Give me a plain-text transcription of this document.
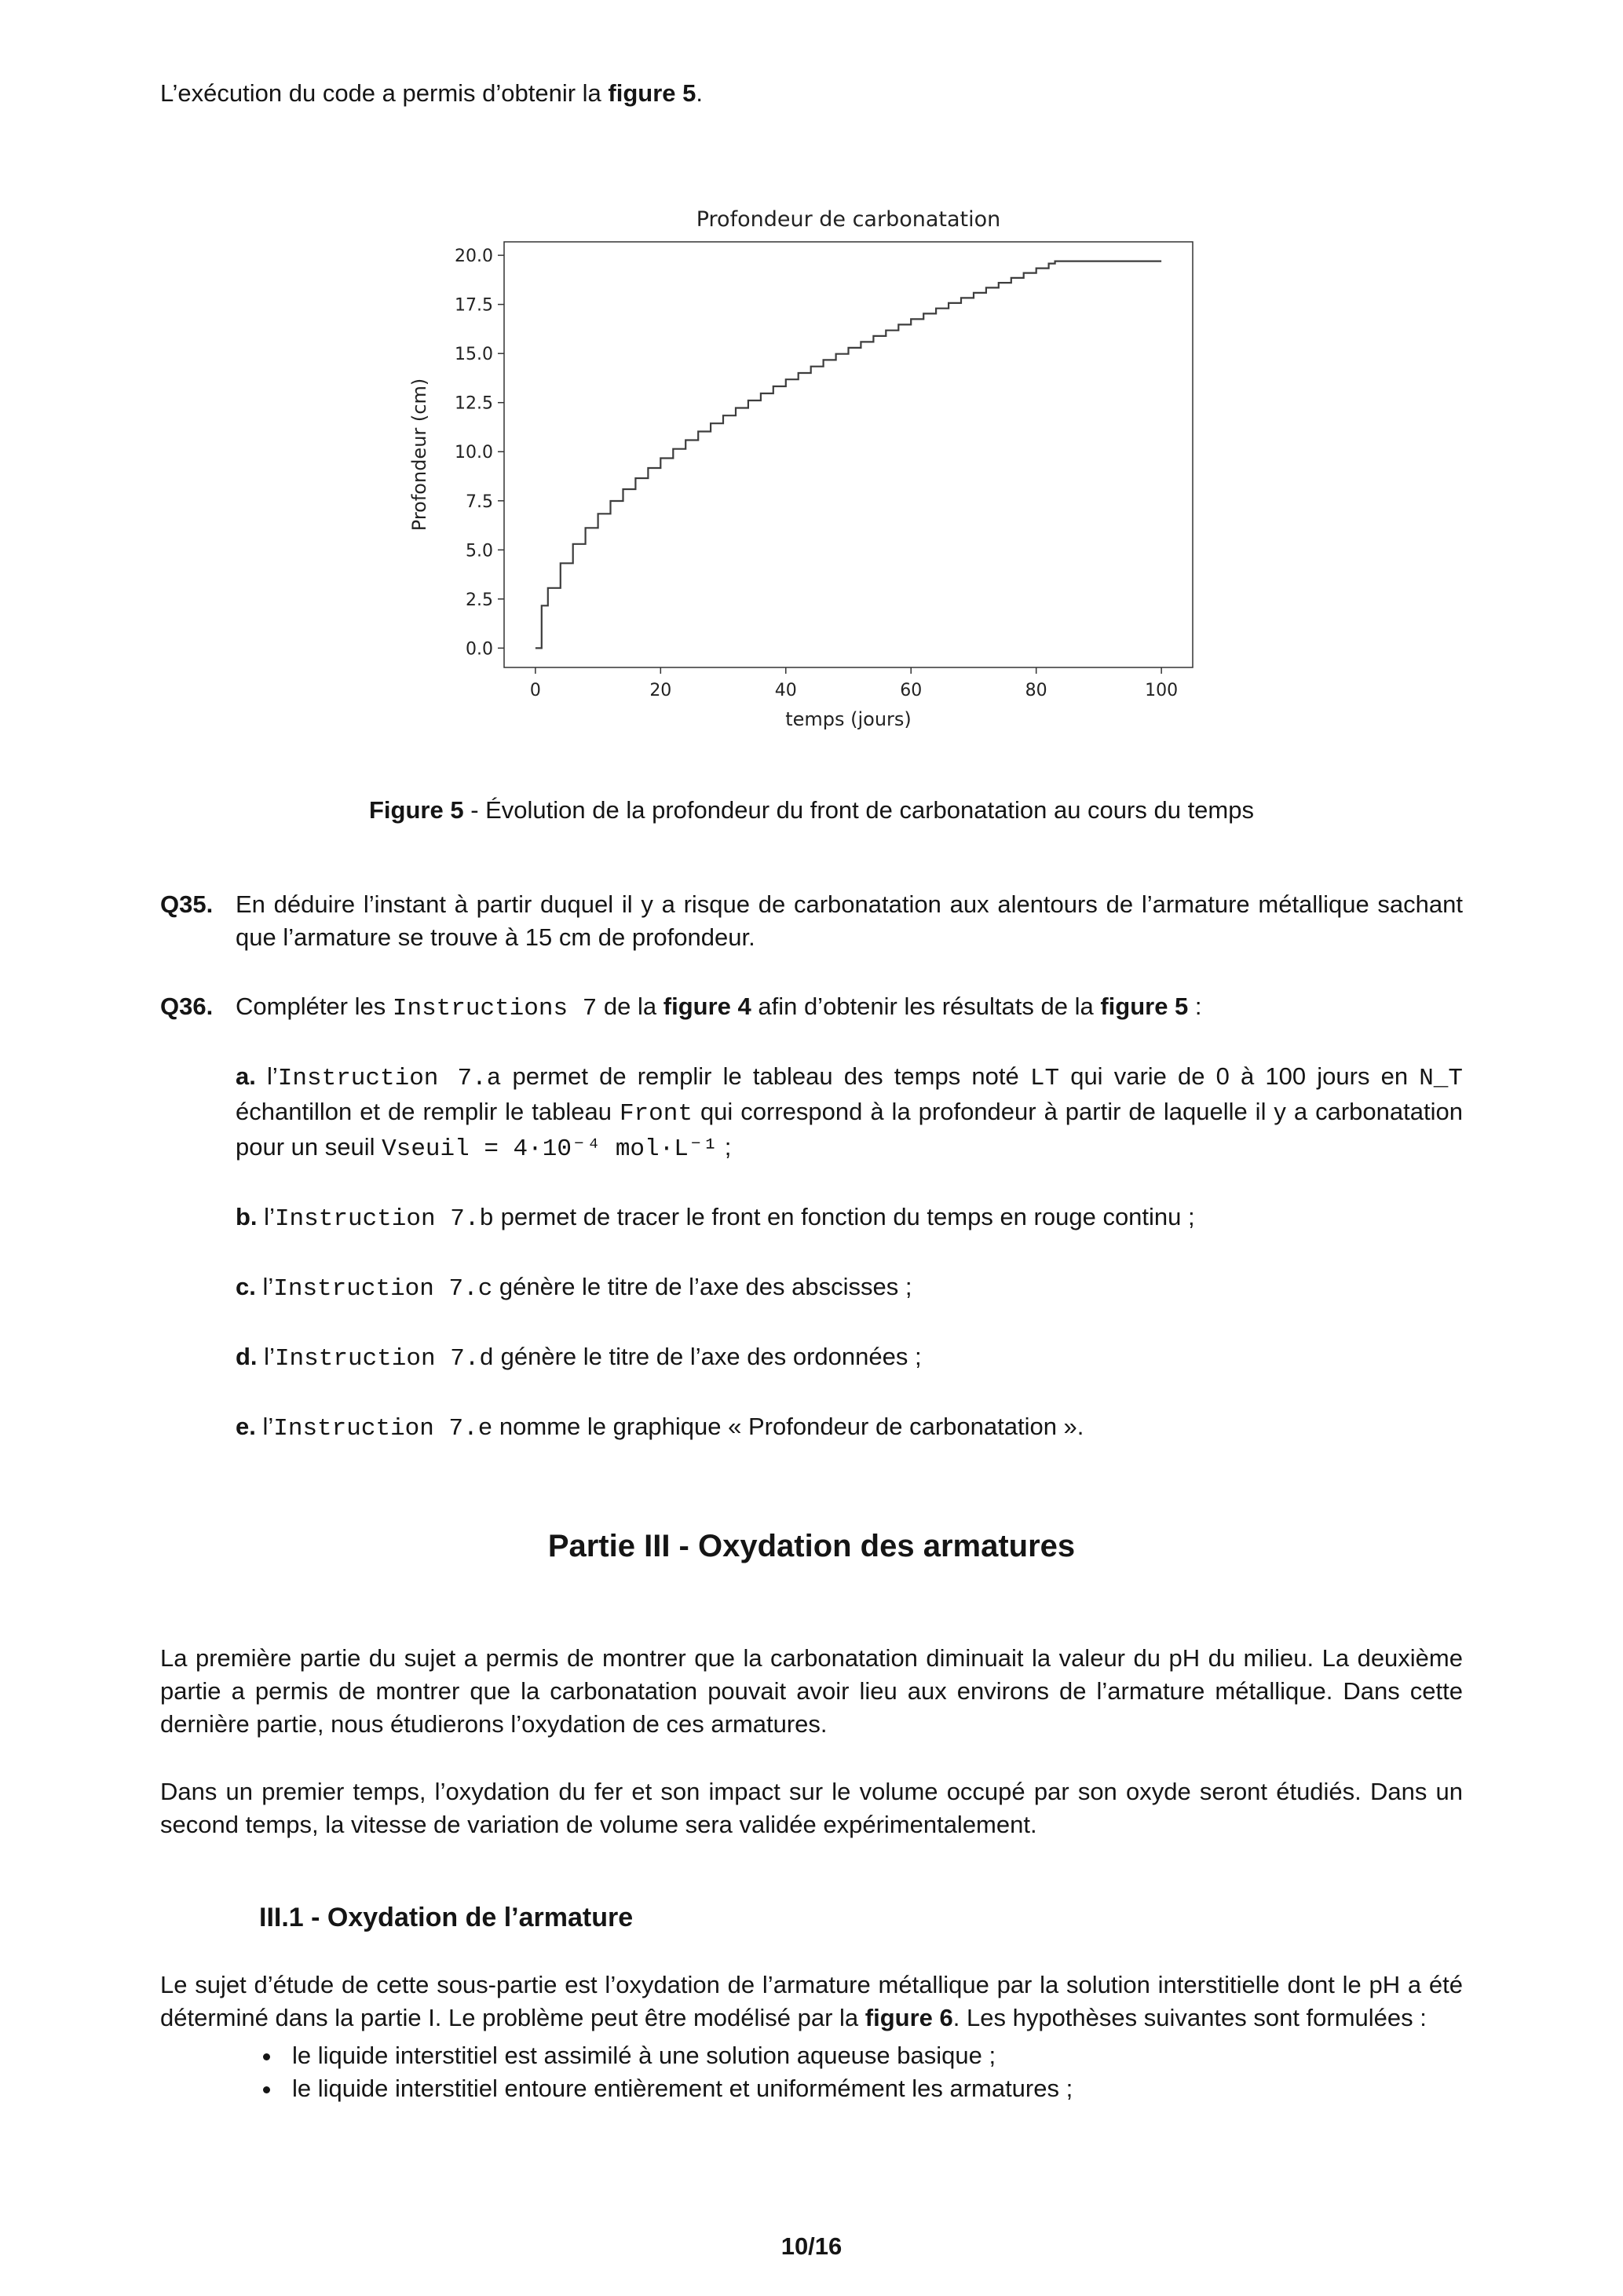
L’exécution du code a permis d’obtenir la figure 5.

0	20	40	60	80	100
0.0
2.5
5.0
7.5
10.0
12.5
15.0
17.5
20.0
Profondeur de carbonatation
temps (jours)
Profondeur (cm)

Figure 5 - Évolution de la profondeur du front de carbonatation au cours du temps

Q35. En déduire l’instant à partir duquel il y a risque de carbonatation aux alentours de l’armature métallique sachant que l’armature se trouve à 15 cm de profondeur.
Q36. Compléter les Instructions 7 de la figure 4 afin d’obtenir les résultats de la figure 5 :

a. l’Instruction 7.a permet de remplir le tableau des temps noté LT qui varie de 0 à 100 jours en N_T échantillon et de remplir le tableau Front qui correspond à la profondeur à partir de laquelle il y a carbonatation pour un seuil Vseuil = 4·10⁻⁴ mol·L⁻¹ ;

b. l’Instruction 7.b permet de tracer le front en fonction du temps en rouge continu ;

c. l’Instruction 7.c génère le titre de l’axe des abscisses ;

d. l’Instruction 7.d génère le titre de l’axe des ordonnées ;

e. l’Instruction 7.e nomme le graphique « Profondeur de carbonatation ».

Partie III - Oxydation des armatures

La première partie du sujet a permis de montrer que la carbonatation diminuait la valeur du pH du milieu. La deuxième partie a permis de montrer que la carbonatation pouvait avoir lieu aux environs de l’armature métallique. Dans cette dernière partie, nous étudierons l’oxydation de ces armatures.

Dans un premier temps, l’oxydation du fer et son impact sur le volume occupé par son oxyde seront étudiés. Dans un second temps, la vitesse de variation de volume sera validée expérimentalement.

III.1 - Oxydation de l’armature

Le sujet d’étude de cette sous-partie est l’oxydation de l’armature métallique par la solution interstitielle dont le pH a été déterminé dans la partie I. Le problème peut être modélisé par la figure 6. Les hypothèses suivantes sont formulées :

• le liquide interstitiel est assimilé à une solution aqueuse basique ;
• le liquide interstitiel entoure entièrement et uniformément les armatures ;
10/16
